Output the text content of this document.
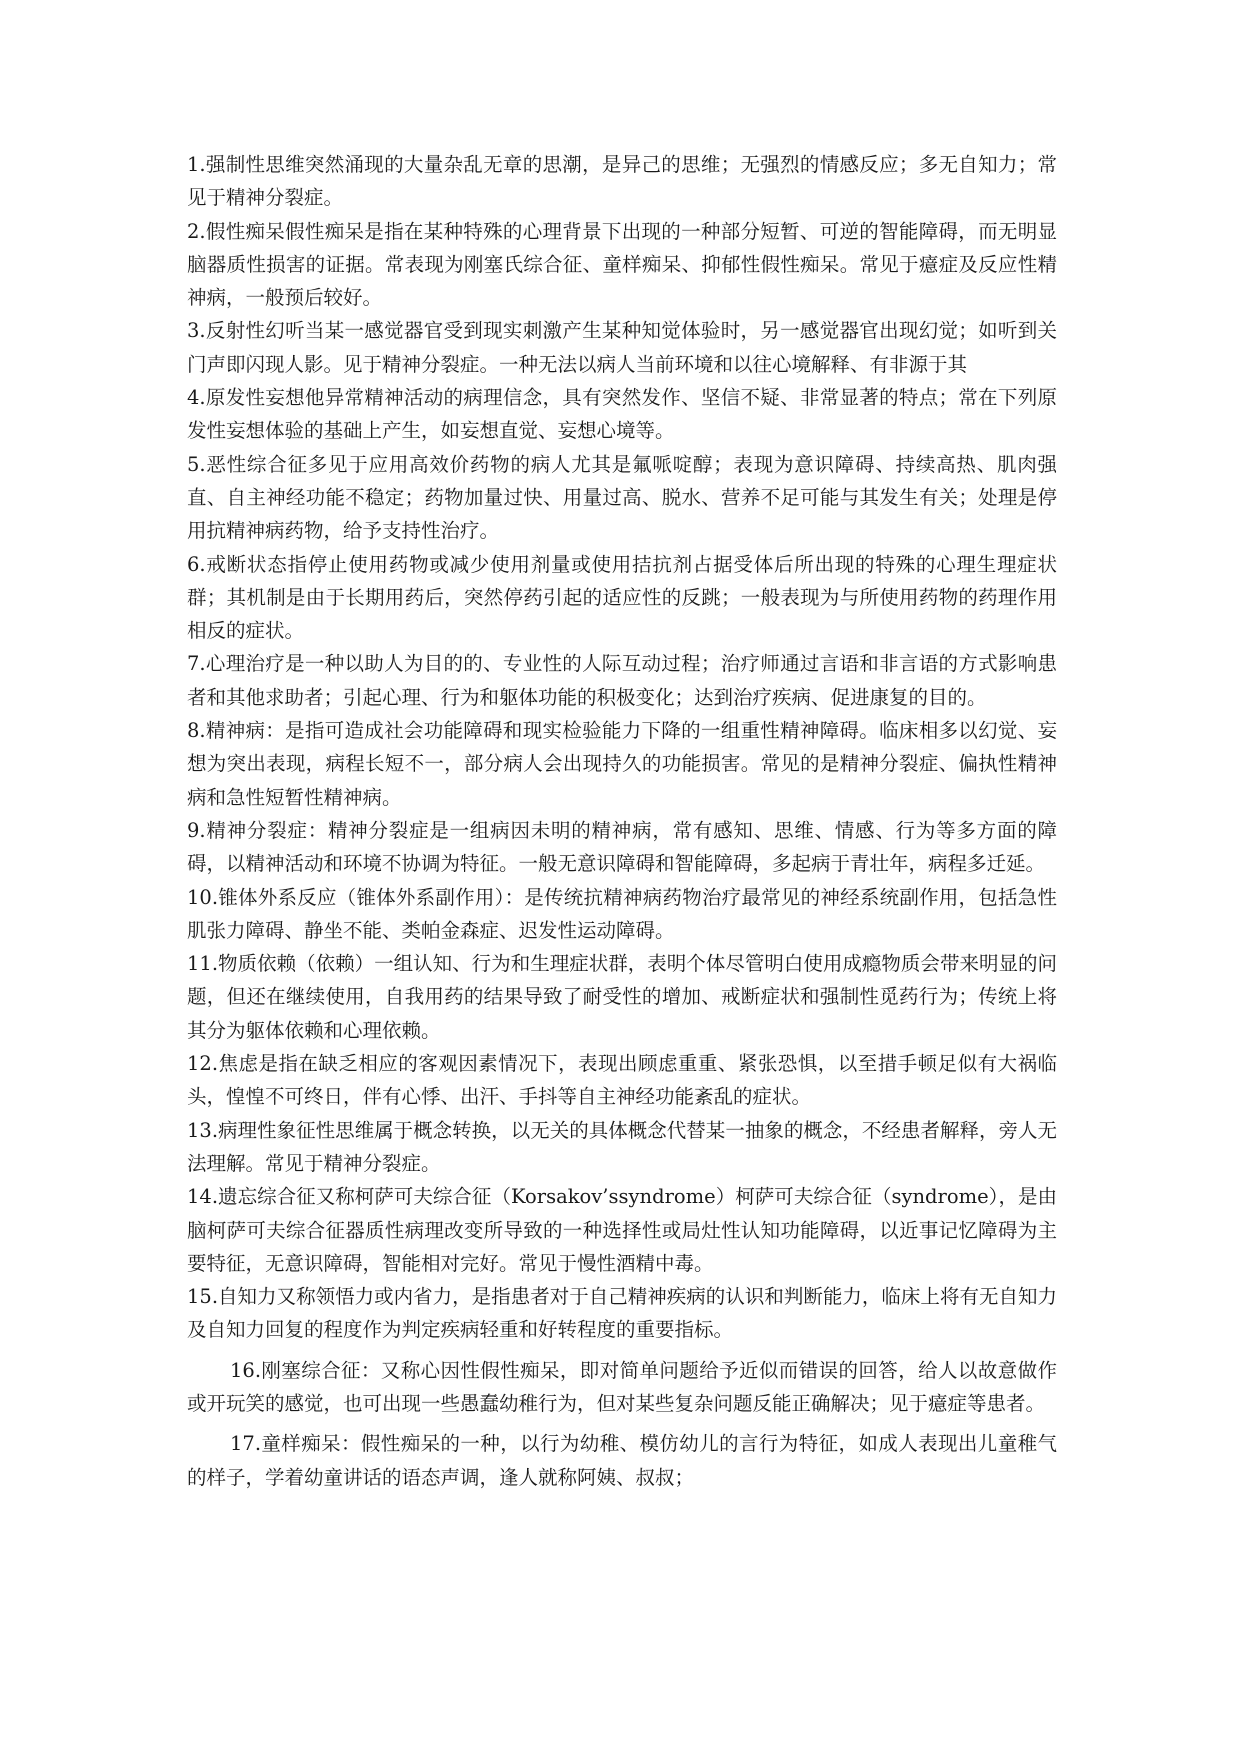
1.强制性思维突然涌现的大量杂乱无章的思潮，是异己的思维；无强烈的情感反应；多无自知力；常见于精神分裂症。

2.假性痴呆假性痴呆是指在某种特殊的心理背景下出现的一种部分短暂、可逆的智能障碍，而无明显脑器质性损害的证据。常表现为刚塞氏综合征、童样痴呆、抑郁性假性痴呆。常见于癔症及反应性精神病，一般预后较好。

3.反射性幻听当某一感觉器官受到现实刺激产生某种知觉体验时，另一感觉器官出现幻觉；如听到关门声即闪现人影。见于精神分裂症。一种无法以病人当前环境和以往心境解释、有非源于其

4.原发性妄想他异常精神活动的病理信念，具有突然发作、坚信不疑、非常显著的特点；常在下列原发性妄想体验的基础上产生，如妄想直觉、妄想心境等。

5.恶性综合征多见于应用高效价药物的病人尤其是氟哌啶醇；表现为意识障碍、持续高热、肌肉强直、自主神经功能不稳定；药物加量过快、用量过高、脱水、营养不足可能与其发生有关；处理是停用抗精神病药物，给予支持性治疗。

6.戒断状态指停止使用药物或减少使用剂量或使用拮抗剂占据受体后所出现的特殊的心理生理症状群；其机制是由于长期用药后，突然停药引起的适应性的反跳；一般表现为与所使用药物的药理作用相反的症状。

7.心理治疗是一种以助人为目的的、专业性的人际互动过程；治疗师通过言语和非言语的方式影响患者和其他求助者；引起心理、行为和躯体功能的积极变化；达到治疗疾病、促进康复的目的。

8.精神病：是指可造成社会功能障碍和现实检验能力下降的一组重性精神障碍。临床相多以幻觉、妄想为突出表现，病程长短不一，部分病人会出现持久的功能损害。常见的是精神分裂症、偏执性精神病和急性短暂性精神病。

9.精神分裂症：精神分裂症是一组病因未明的精神病，常有感知、思维、情感、行为等多方面的障碍，以精神活动和环境不协调为特征。一般无意识障碍和智能障碍，多起病于青壮年，病程多迁延。

10.锥体外系反应（锥体外系副作用）：是传统抗精神病药物治疗最常见的神经系统副作用，包括急性肌张力障碍、静坐不能、类帕金森症、迟发性运动障碍。

11.物质依赖（依赖）一组认知、行为和生理症状群，表明个体尽管明白使用成瘾物质会带来明显的问题，但还在继续使用，自我用药的结果导致了耐受性的增加、戒断症状和强制性觅药行为；传统上将其分为躯体依赖和心理依赖。

12.焦虑是指在缺乏相应的客观因素情况下，表现出顾虑重重、紧张恐惧，以至措手顿足似有大祸临头，惶惶不可终日，伴有心悸、出汗、手抖等自主神经功能紊乱的症状。

13.病理性象征性思维属于概念转换，以无关的具体概念代替某一抽象的概念，不经患者解释，旁人无法理解。常见于精神分裂症。

14.遗忘综合征又称柯萨可夫综合征（Korsakov’ssyndrome）柯萨可夫综合征（syndrome），是由脑柯萨可夫综合征器质性病理改变所导致的一种选择性或局灶性认知功能障碍，以近事记忆障碍为主要特征，无意识障碍，智能相对完好。常见于慢性酒精中毒。

15.自知力又称领悟力或内省力，是指患者对于自己精神疾病的认识和判断能力，临床上将有无自知力及自知力回复的程度作为判定疾病轻重和好转程度的重要指标。

16.刚塞综合征：又称心因性假性痴呆，即对简单问题给予近似而错误的回答，给人以故意做作或开玩笑的感觉，也可出现一些愚蠢幼稚行为，但对某些复杂问题反能正确解决；见于癔症等患者。

17.童样痴呆：假性痴呆的一种，以行为幼稚、模仿幼儿的言行为特征，如成人表现出儿童稚气的样子，学着幼童讲话的语态声调，逢人就称阿姨、叔叔；
